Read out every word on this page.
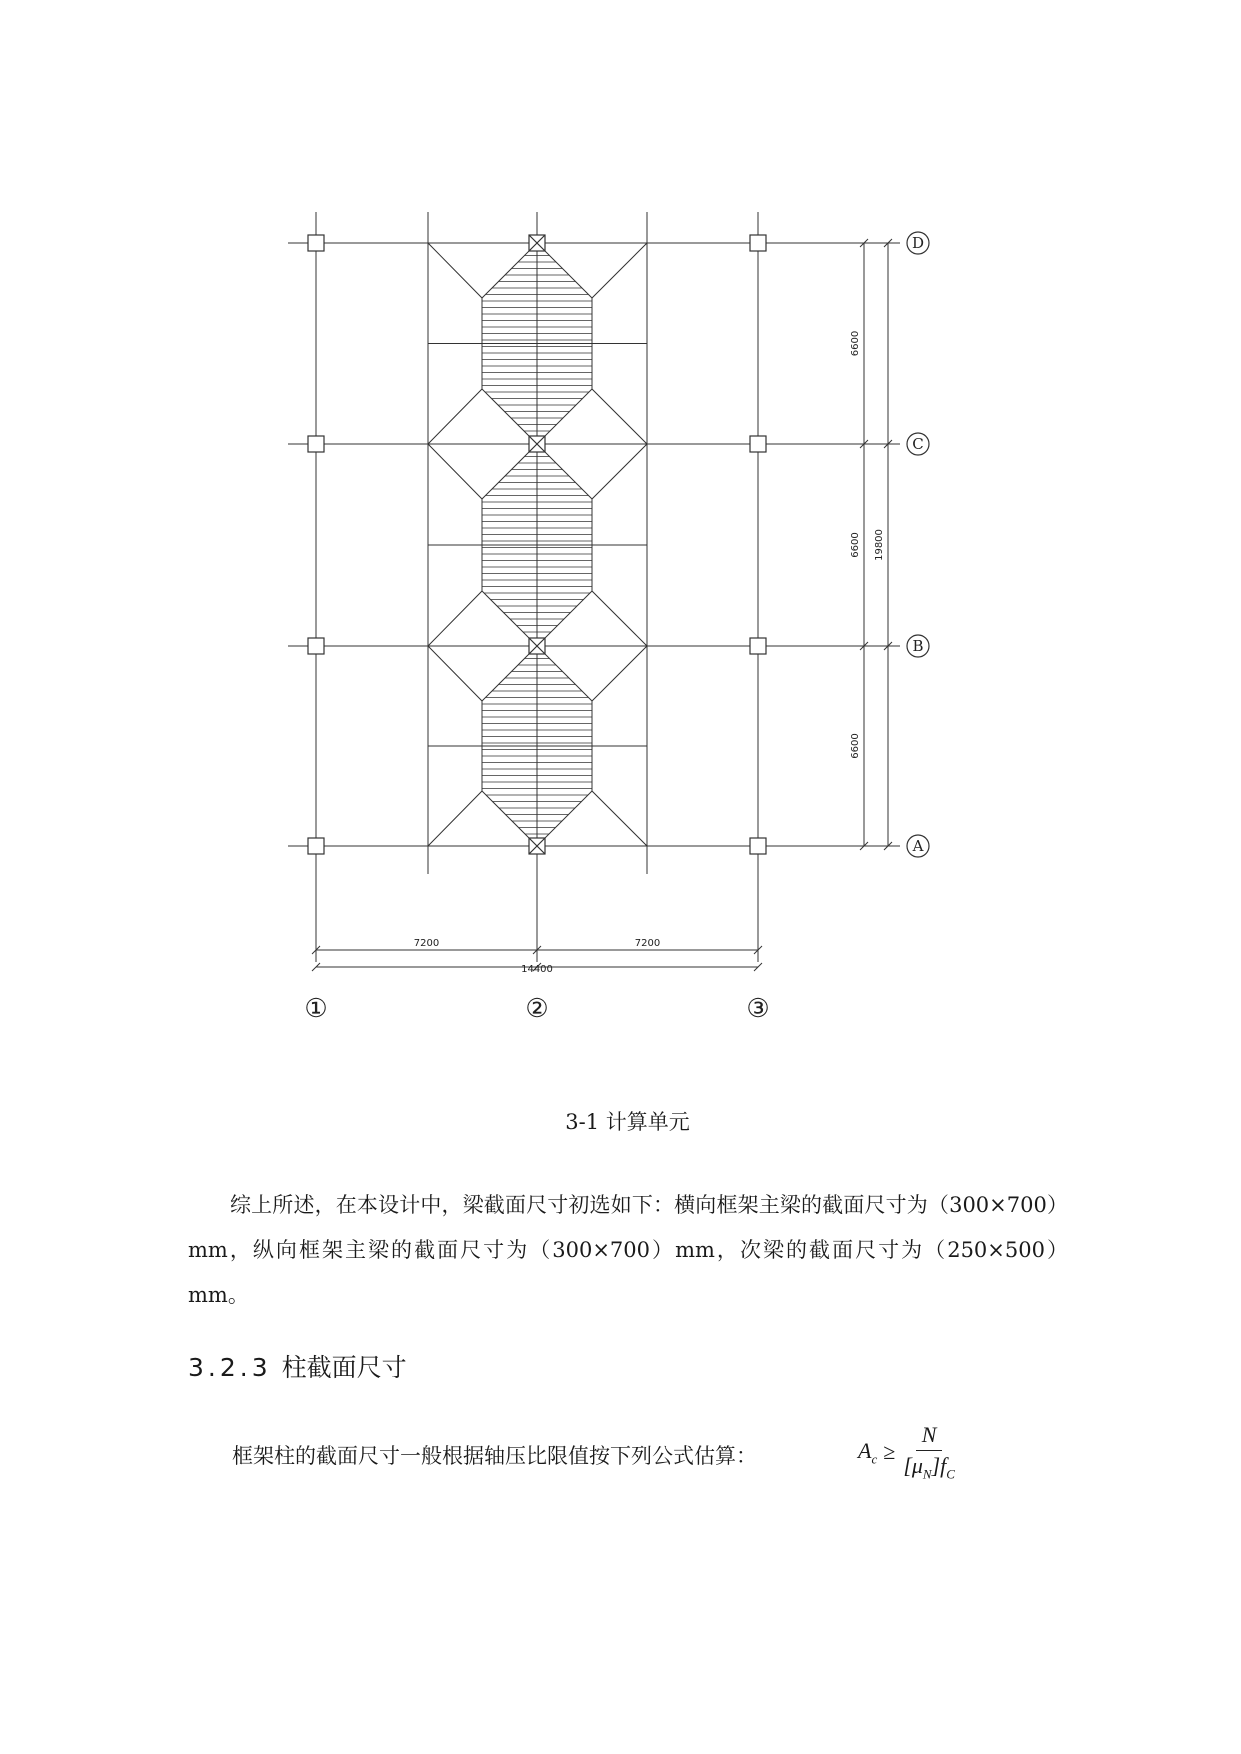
6600
6600
6600
19800
7200	7200
14400
A
B
C
D
①	②	③
3-1 计算单元

综上所述，在本设计中，梁截面尺寸初选如下：横向框架主梁的截面尺寸为（300×700）mm，纵向框架主梁的截面尺寸为（300×700）mm，次梁的截面尺寸为（250×500）mm。

3.2.3 柱截面尺寸
框架柱的截面尺寸一般根据轴压比限值按下列公式估算：	$A_c \ge \frac{N}{[\mu_N]f_C}$
